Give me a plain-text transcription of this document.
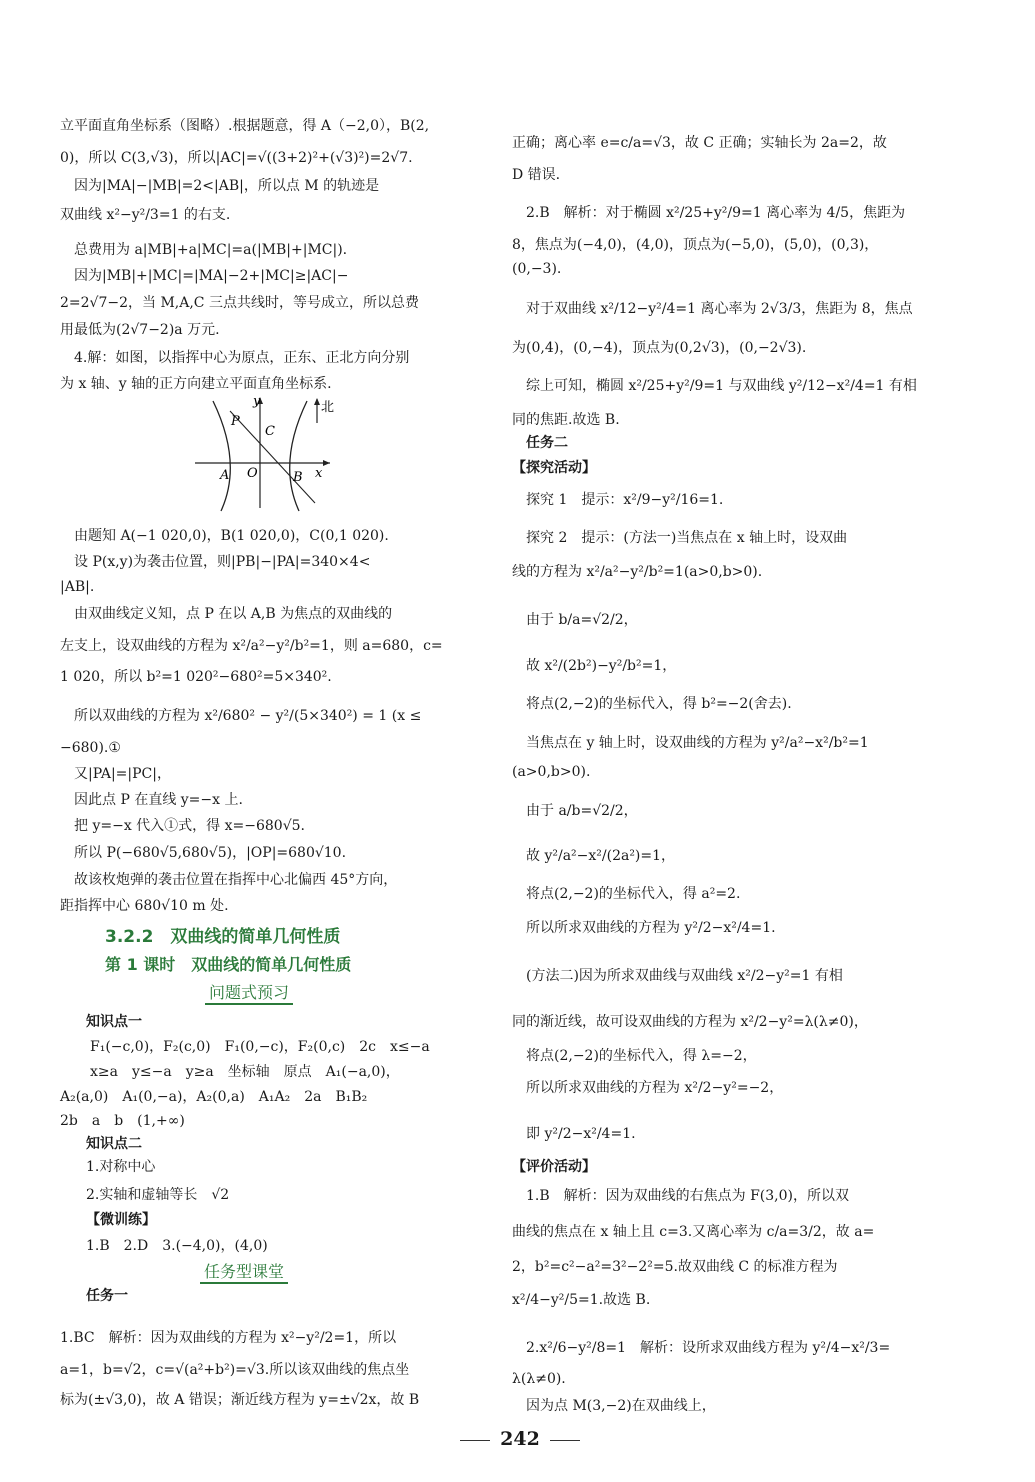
立平面直角坐标系（图略）.根据题意，得 A（−2,0），B(2,
0)，所以 C(3,√3)，所以|AC|=√((3+2)²+(√3)²)=2√7.
　因为|MA|−|MB|=2<|AB|，所以点 M 的轨迹是
双曲线 x²−y²/3=1 的右支.
　总费用为 a|MB|+a|MC|=a(|MB|+|MC|).
　因为|MB|+|MC|=|MA|−2+|MC|≥|AC|−
2=2√7−2，当 M,A,C 三点共线时，等号成立，所以总费
用最低为(2√7−2)a 万元.
　4.解：如图，以指挥中心为原点，正东、正北方向分别
为 x 轴、y 轴的正方向建立平面直角坐标系.
　由题知 A(−1 020,0)，B(1 020,0)，C(0,1 020).
　设 P(x,y)为袭击位置，则|PB|−|PA|=340×4<
|AB|.
　由双曲线定义知，点 P 在以 A,B 为焦点的双曲线的
左支上，设双曲线的方程为 x²/a²−y²/b²=1，则 a=680，c=
1 020，所以 b²=1 020²−680²=5×340².
　所以双曲线的方程为 x²/680² − y²/(5×340²) = 1 (x ≤
−680).①
　又|PA|=|PC|，
　因此点 P 在直线 y=−x 上.
　把 y=−x 代入①式，得 x=−680√5.
　所以 P(−680√5,680√5)，|OP|=680√10.
　故该枚炮弹的袭击位置在指挥中心北偏西 45°方向，
距指挥中心 680√10 m 处.
3.2.2　双曲线的简单几何性质
第 1 课时　双曲线的简单几何性质
问题式预习
知识点一
F₁(−c,0)，F₂(c,0)　F₁(0,−c)，F₂(0,c)　2c　x≤−a
x≥a　y≤−a　y≥a　坐标轴　原点　A₁(−a,0)，
A₂(a,0)　A₁(0,−a)，A₂(0,a)　A₁A₂　2a　B₁B₂
2b　a　b　(1,+∞)
知识点二
1.对称中心
2.实轴和虚轴等长　√2
【微训练】
1.B　2.D　3.(−4,0)，(4,0)
任务型课堂
任务一
1.BC　解析：因为双曲线的方程为 x²−y²/2=1，所以
a=1，b=√2，c=√(a²+b²)=√3.所以该双曲线的焦点坐
标为(±√3,0)，故 A 错误；渐近线方程为 y=±√2x，故 B
y	北
P
C
A O	B x
正确；离心率 e=c/a=√3，故 C 正确；实轴长为 2a=2，故
D 错误.
　2.B　解析：对于椭圆 x²/25+y²/9=1 离心率为 4/5，焦距为
8，焦点为(−4,0)，(4,0)，顶点为(−5,0)，(5,0)，(0,3)，
(0,−3).
　对于双曲线 x²/12−y²/4=1 离心率为 2√3/3，焦距为 8，焦点
为(0,4)，(0,−4)，顶点为(0,2√3)，(0,−2√3).
　综上可知，椭圆 x²/25+y²/9=1 与双曲线 y²/12−x²/4=1 有相
同的焦距.故选 B.
　任务二
【探究活动】
　探究 1　提示：x²/9−y²/16=1.
　探究 2　提示：(方法一)当焦点在 x 轴上时，设双曲
线的方程为 x²/a²−y²/b²=1(a>0,b>0).
　由于 b/a=√2/2，
　故 x²/(2b²)−y²/b²=1，
　将点(2,−2)的坐标代入，得 b²=−2(舍去).
　当焦点在 y 轴上时，设双曲线的方程为 y²/a²−x²/b²=1
(a>0,b>0).
　由于 a/b=√2/2，
　故 y²/a²−x²/(2a²)=1，
　将点(2,−2)的坐标代入，得 a²=2.
　所以所求双曲线的方程为 y²/2−x²/4=1.
　(方法二)因为所求双曲线与双曲线 x²/2−y²=1 有相
同的渐近线，故可设双曲线的方程为 x²/2−y²=λ(λ≠0)，
　将点(2,−2)的坐标代入，得 λ=−2，
　所以所求双曲线的方程为 x²/2−y²=−2，
　即 y²/2−x²/4=1.
【评价活动】
　1.B　解析：因为双曲线的右焦点为 F(3,0)，所以双
曲线的焦点在 x 轴上且 c=3.又离心率为 c/a=3/2，故 a=
2，b²=c²−a²=3²−2²=5.故双曲线 C 的标准方程为
x²/4−y²/5=1.故选 B.
　2.x²/6−y²/8=1　解析：设所求双曲线方程为 y²/4−x²/3=
λ(λ≠0).
　因为点 M(3,−2)在双曲线上，
242
